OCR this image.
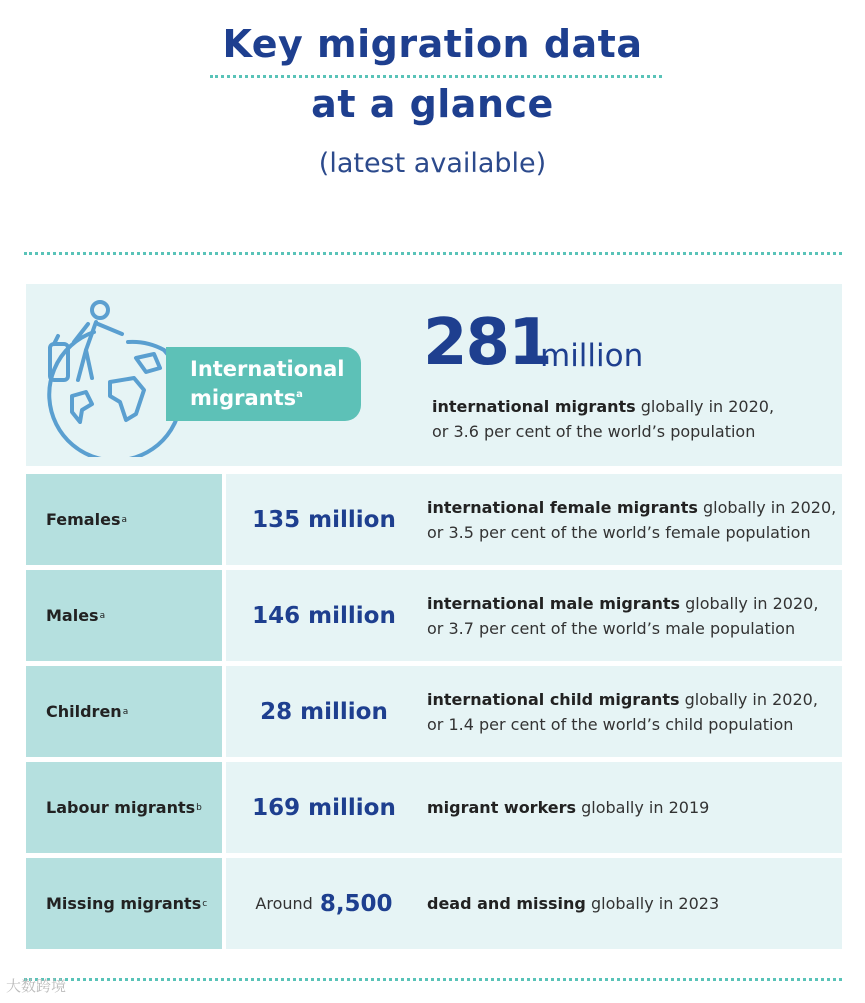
Key migration data
at a glance

(latest available)

International
migrants$^a$
281
million
international migrants globally in 2020,
or 3.6 per cent of the world’s population
Females a	135 million international female migrants globally in 2020,
or 3.5 per cent of the world’s female population
Males a	146 million international male migrants globally in 2020,
or 3.7 per cent of the world’s male population
Children a	28 million international child migrants globally in 2020,
or 1.4 per cent of the world’s child population
Labour migrants b 169 million migrant workers globally in 2019
Missing migrants c	Around 8,500 dead and missing globally in 2023
大数跨境
